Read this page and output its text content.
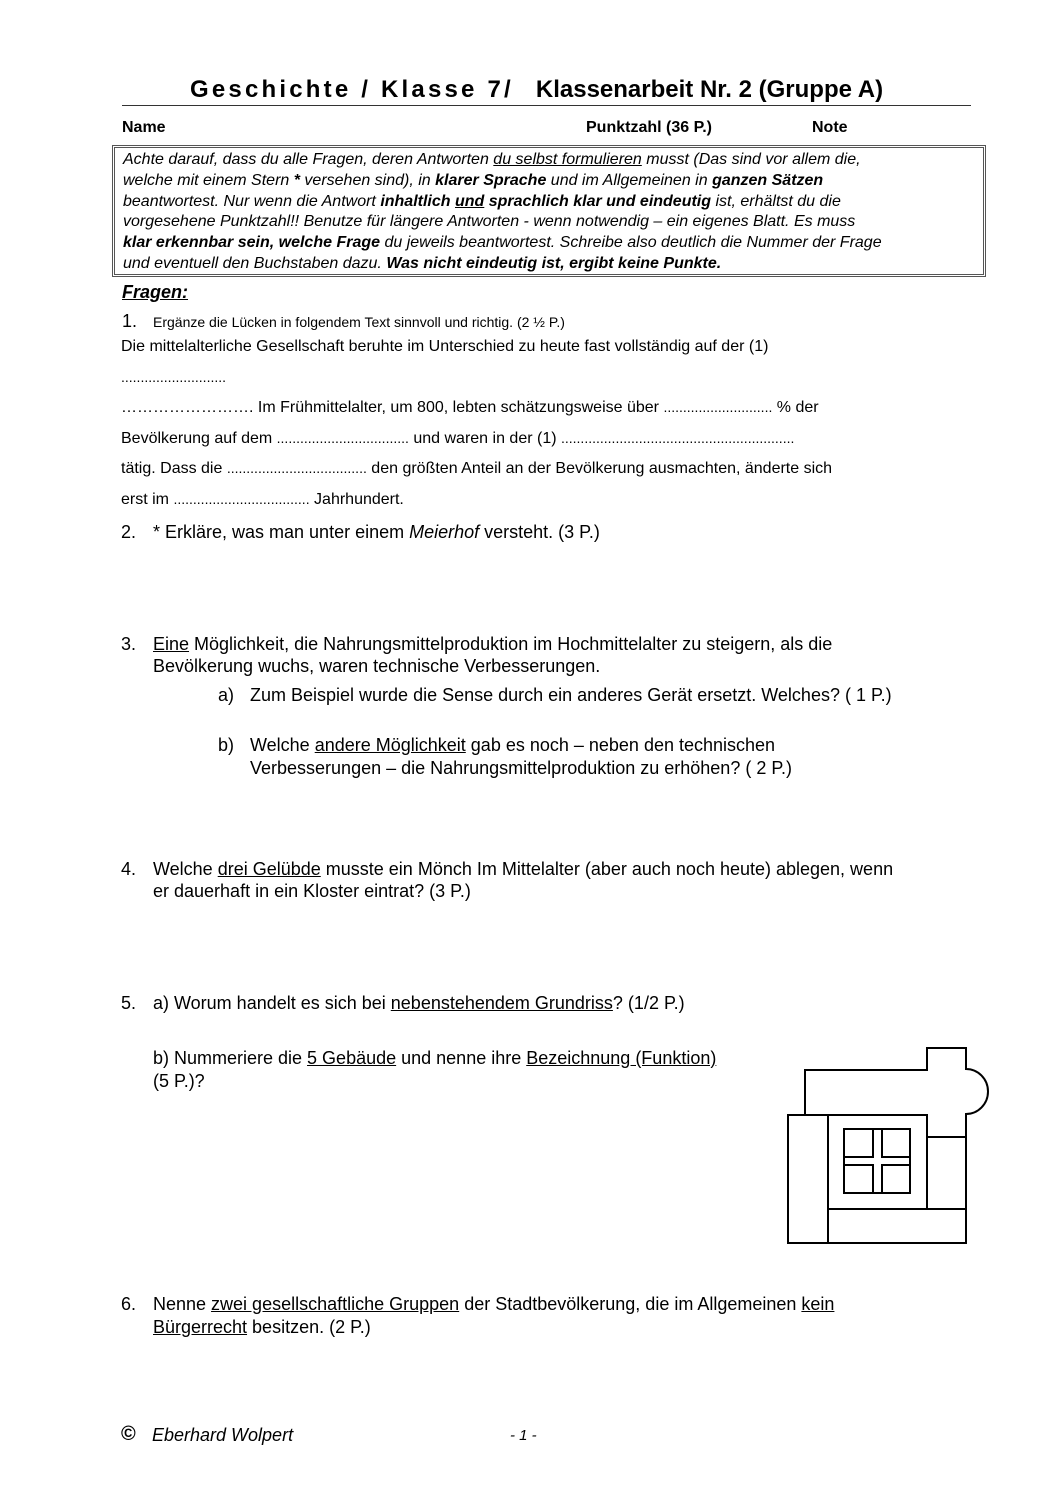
Geschichte / Klasse 7/ Klassenarbeit Nr. 2 (Gruppe A)
Name	Punktzahl (36 P.)	Note
Achte darauf, dass du alle Fragen, deren Antworten du selbst formulieren musst (Das sind vor allem die,
welche mit einem Stern * versehen sind), in klarer Sprache und im Allgemeinen in ganzen Sätzen
beantwortest. Nur wenn die Antwort inhaltlich und sprachlich klar und eindeutig ist, erhältst du die
vorgesehene Punktzahl!! Benutze für längere Antworten - wenn notwendig – ein eigenes Blatt. Es muss
klar erkennbar sein, welche Frage du jeweils beantwortest. Schreibe also deutlich die Nummer der Frage
und eventuell den Buchstaben dazu. Was nicht eindeutig ist, ergibt keine Punkte.
Fragen:
1. Ergänze die Lücken in folgendem Text sinnvoll und richtig. (2 ½ P.)
Die mittelalterliche Gesellschaft beruhte im Unterschied zu heute fast vollständig auf der (1)
...........................
……………………. Im Frühmittelalter, um 800, lebten schätzungsweise über ............................ % der
Bevölkerung auf dem .................................. und waren in der (1) ............................................................
tätig. Dass die .................................... den größten Anteil an der Bevölkerung ausmachten, änderte sich
erst im ................................... Jahrhundert.
2. * Erkläre, was man unter einem Meierhof versteht. (3 P.)
3. Eine Möglichkeit, die Nahrungsmittelproduktion im Hochmittelalter zu steigern, als die
Bevölkerung wuchs, waren technische Verbesserungen.
a) Zum Beispiel wurde die Sense durch ein anderes Gerät ersetzt. Welches? ( 1 P.)
b) Welche andere Möglichkeit gab es noch – neben den technischen
Verbesserungen – die Nahrungsmittelproduktion zu erhöhen? ( 2 P.)
4. Welche drei Gelübde musste ein Mönch Im Mittelalter (aber auch noch heute) ablegen, wenn
er dauerhaft in ein Kloster eintrat? (3 P.)
5. a) Worum handelt es sich bei nebenstehendem Grundriss? (1/2 P.)
b) Nummeriere die 5 Gebäude und nenne ihre Bezeichnung (Funktion)
(5 P.)?
6. Nenne zwei gesellschaftliche Gruppen der Stadtbevölkerung, die im Allgemeinen kein
Bürgerrecht besitzen. (2 P.)
© Eberhard Wolpert	- 1 -
